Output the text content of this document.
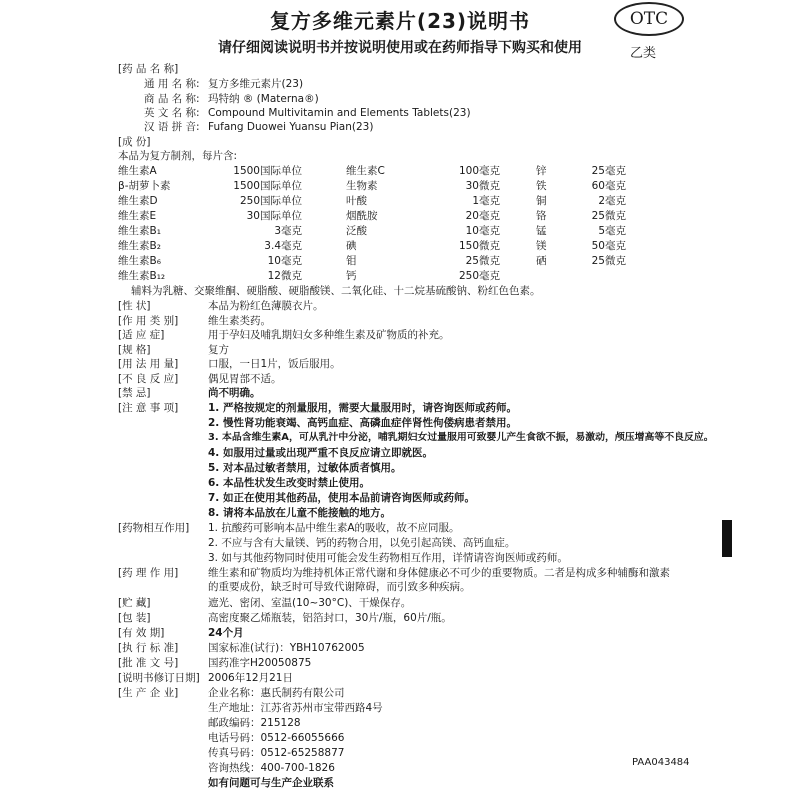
复方多维元素片(23)说明书	OTC
乙类
请仔细阅读说明书并按说明使用或在药师指导下购买和使用
[药 品 名 称]
通 用 名 称: 复方多维元素片(23)
商 品 名 称: 玛特纳 ® (Materna®)
英 文 名 称: Compound Multivitamin and Elements Tablets(23)
汉 语 拼 音: Fufang Duowei Yuansu Pian(23)
[成 份]
本品为复方制剂，每片含:
维生素A	1500国际单位	维生素C	100毫克	锌	25毫克
β-胡萝卜素	1500国际单位	生物素	30微克	铁	60毫克
维生素D	250国际单位	叶酸	1毫克	铜	2毫克
维生素E	30国际单位	烟酰胺	20毫克	铬	25微克
维生素B₁	3毫克	泛酸	10毫克	锰	5毫克
维生素B₂	3.4毫克	碘	150微克	镁	50毫克
维生素B₆	10毫克	钼	25微克	硒	25微克
维生素B₁₂	12微克	钙	250毫克
辅料为乳糖、交聚维酮、硬脂酸、硬脂酸镁、二氧化硅、十二烷基硫酸钠、粉红色色素。
[性 状]	本品为粉红色薄膜衣片。
[作 用 类 别]	维生素类药。
[适 应 症]	用于孕妇及哺乳期妇女多种维生素及矿物质的补充。
[规 格]	复方
[用 法 用 量]	口服，一日1片，饭后服用。
[不 良 反 应]	偶见胃部不适。
[禁 忌]	尚不明确。
[注 意 事 项]	1. 严格按规定的剂量服用，需要大量服用时，请咨询医师或药师。
2. 慢性肾功能衰竭、高钙血症、高磷血症伴肾性佝偻病患者禁用。
3. 本品含维生素A，可从乳汁中分泌，哺乳期妇女过量服用可致婴儿产生食欲不振，易激动，颅压增高等不良反应。
4. 如服用过量或出现严重不良反应请立即就医。
5. 对本品过敏者禁用，过敏体质者慎用。
6. 本品性状发生改变时禁止使用。
7. 如正在使用其他药品，使用本品前请咨询医师或药师。
8. 请将本品放在儿童不能接触的地方。
[药物相互作用] 1. 抗酸药可影响本品中维生素A的吸收，故不应同服。
2. 不应与含有大量镁、钙的药物合用，以免引起高镁、高钙血症。
3. 如与其他药物同时使用可能会发生药物相互作用，详情请咨询医师或药师。
[药 理 作 用]	维生素和矿物质均为维持机体正常代谢和身体健康必不可少的重要物质。二者是构成多种辅酶和激素
的重要成份，缺乏时可导致代谢障碍，而引致多种疾病。
[贮 藏]	遮光、密闭、室温(10~30°C)、干燥保存。
[包 装]	高密度聚乙烯瓶装，铝箔封口，30片/瓶，60片/瓶。
[有 效 期]	24个月
[执 行 标 准]	国家标准(试行)：YBH10762005
[批 准 文 号]	国药准字H20050875
[说明书修订日期] 2006年12月21日
[生 产 企 业]	企业名称：惠氏制药有限公司
生产地址：江苏省苏州市宝带西路4号
邮政编码：215128
电话号码：0512-66055666
传真号码：0512-65258877
咨询热线：400-700-1826
如有问题可与生产企业联系
PAA043484
